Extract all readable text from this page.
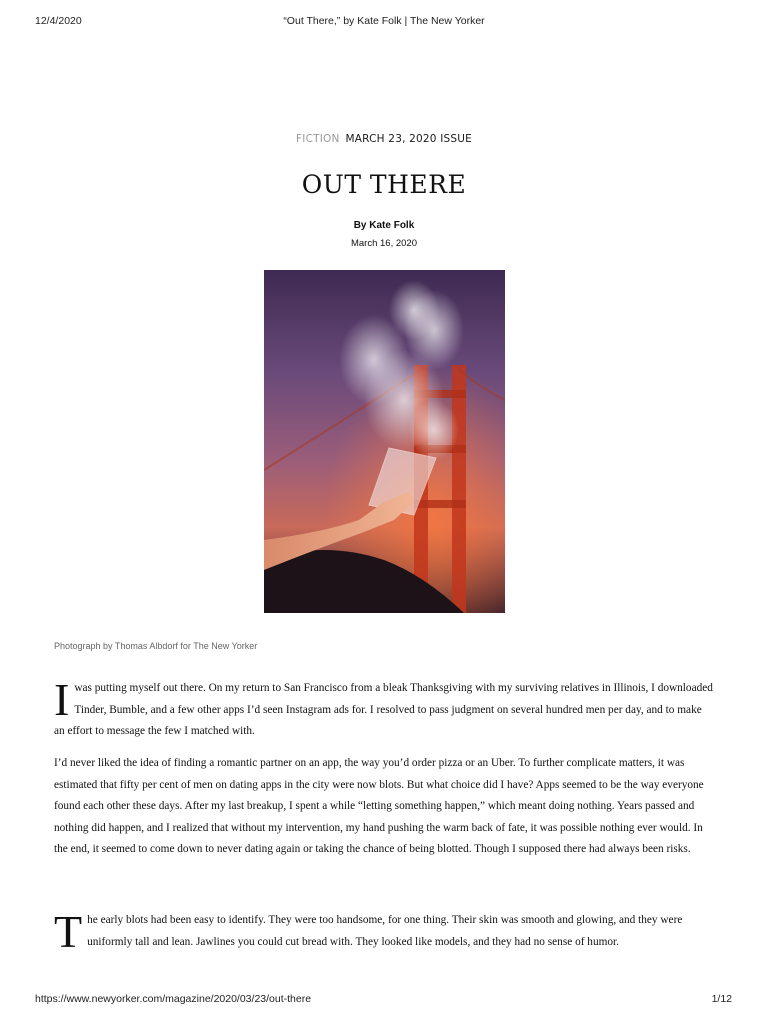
12/4/2020	“Out There,” by Kate Folk | The New Yorker
FICTION MARCH 23, 2020 ISSUE
OUT THERE
By Kate Folk
March 16, 2020
Photograph by Thomas Albdorf for The New Yorker
I was putting myself out there. On my return to San Francisco from a bleak Thanksgiving with my surviving relatives in Illinois, I downloaded Tinder, Bumble, and a few other apps I’d seen Instagram ads for. I resolved to pass judgment on several hundred men per day, and to make an effort to message the few I matched with.

I’d never liked the idea of finding a romantic partner on an app, the way you’d order pizza or an Uber. To further complicate matters, it was estimated that fifty per cent of men on dating apps in the city were now blots. But what choice did I have? Apps seemed to be the way everyone found each other these days. After my last breakup, I spent a while “letting something happen,” which meant doing nothing. Years passed and nothing did happen, and I realized that without my intervention, my hand pushing the warm back of fate, it was possible nothing ever would. In the end, it seemed to come down to never dating again or taking the chance of being blotted. Though I supposed there had always been risks.

T he early blots had been easy to identify. They were too handsome, for one thing. Their skin was smooth and glowing, and they were uniformly tall and lean. Jawlines you could cut bread with. They looked like models, and they had no sense of humor.

https://www.newyorker.com/magazine/2020/03/23/out-there	1/12
